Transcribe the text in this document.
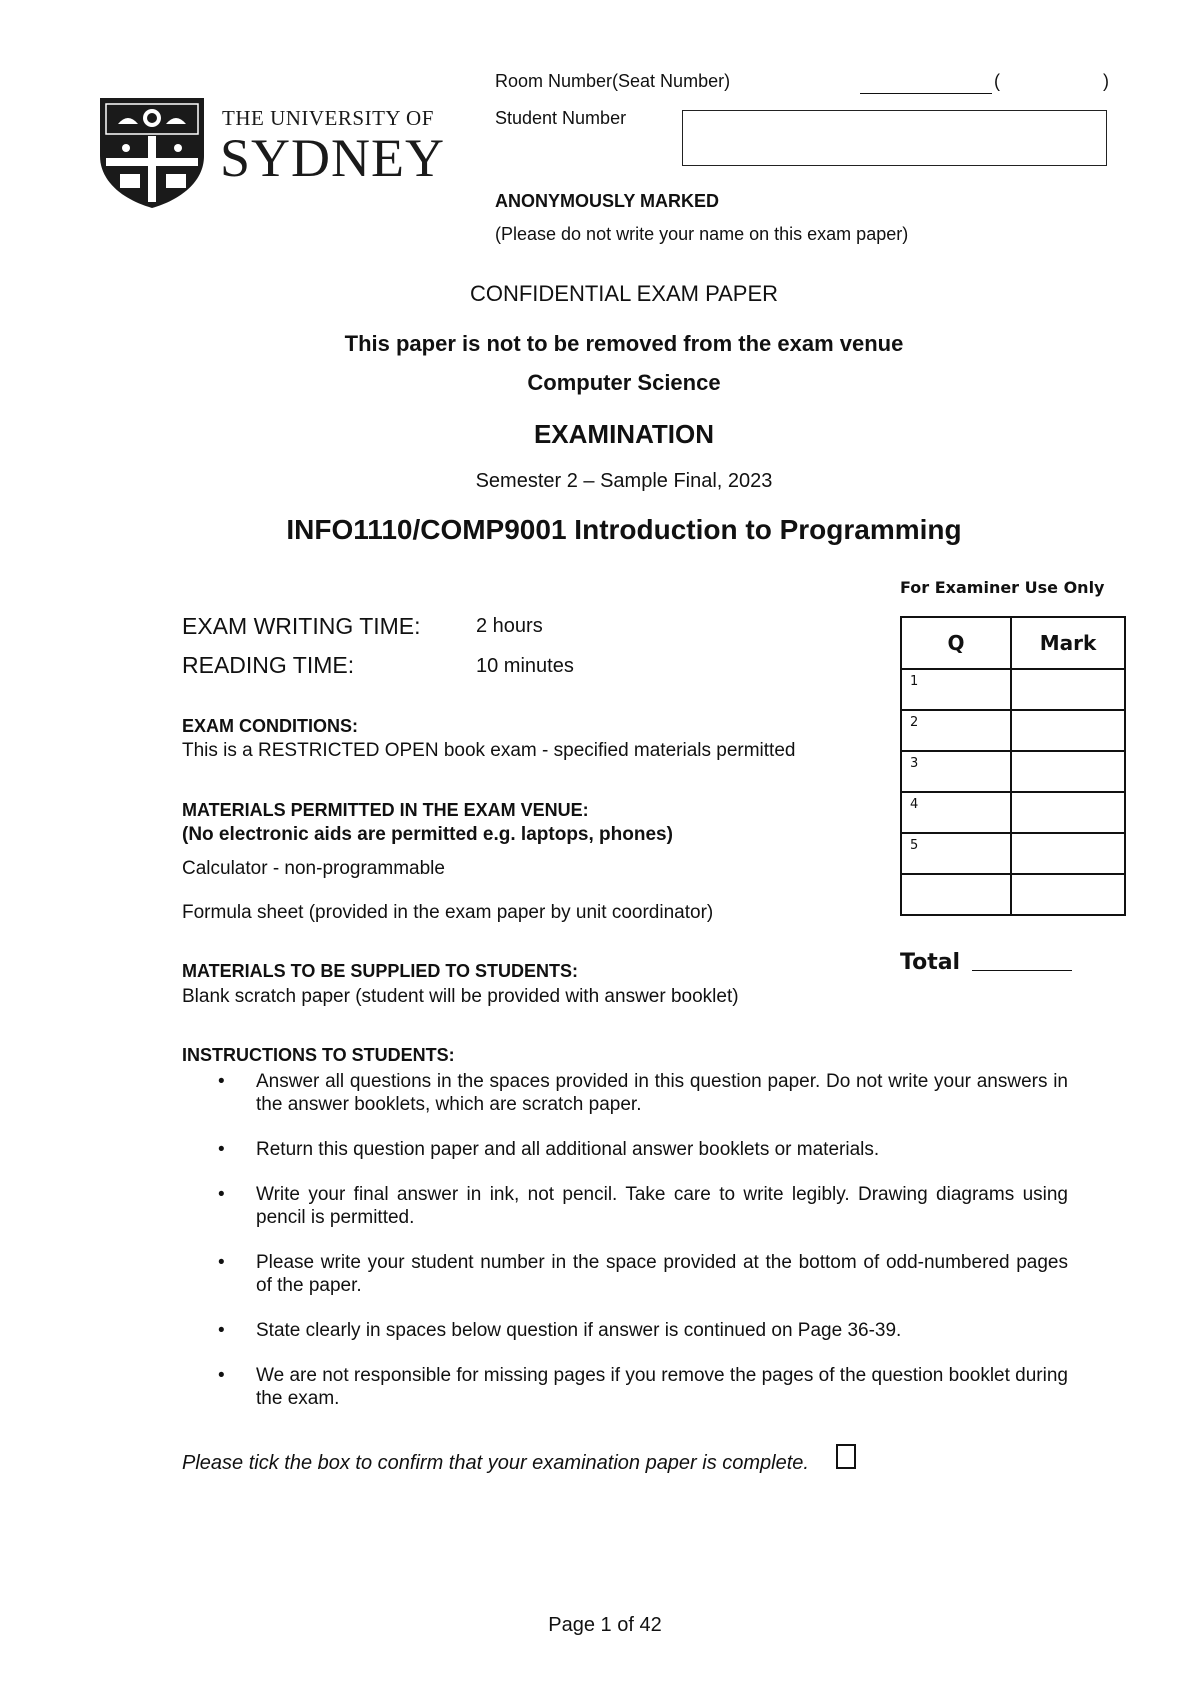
THE UNIVERSITY OF
SYDNEY
Room Number(Seat Number)	(	)
Student Number
ANONYMOUSLY MARKED
(Please do not write your name on this exam paper)
CONFIDENTIAL EXAM PAPER
This paper is not to be removed from the exam venue
Computer Science
EXAMINATION
Semester 2 – Sample Final, 2023
INFO1110/COMP9001 Introduction to Programming
EXAM WRITING TIME:	2 hours
READING TIME:	10 minutes
EXAM CONDITIONS:
This is a RESTRICTED OPEN book exam - specified materials permitted
MATERIALS PERMITTED IN THE EXAM VENUE:
(No electronic aids are permitted e.g. laptops, phones)
Calculator - non-programmable
Formula sheet (provided in the exam paper by unit coordinator)
MATERIALS TO BE SUPPLIED TO STUDENTS:
Blank scratch paper (student will be provided with answer booklet)
INSTRUCTIONS TO STUDENTS:
• Answer all questions in the spaces provided in this question paper. Do not write your answers in the answer booklets, which are scratch paper.
• Return this question paper and all additional answer booklets or materials.
• Write your final answer in ink, not pencil. Take care to write legibly. Drawing diagrams using pencil is permitted.
• Please write your student number in the space provided at the bottom of odd-numbered pages of the paper.
• State clearly in spaces below question if answer is continued on Page 36-39.
• We are not responsible for missing pages if you remove the pages of the question booklet during the exam.
Please tick the box to confirm that your examination paper is complete.
For Examiner Use Only
Q	Mark
1	
2	
3	
4	
5	

Total
Page 1 of 42
